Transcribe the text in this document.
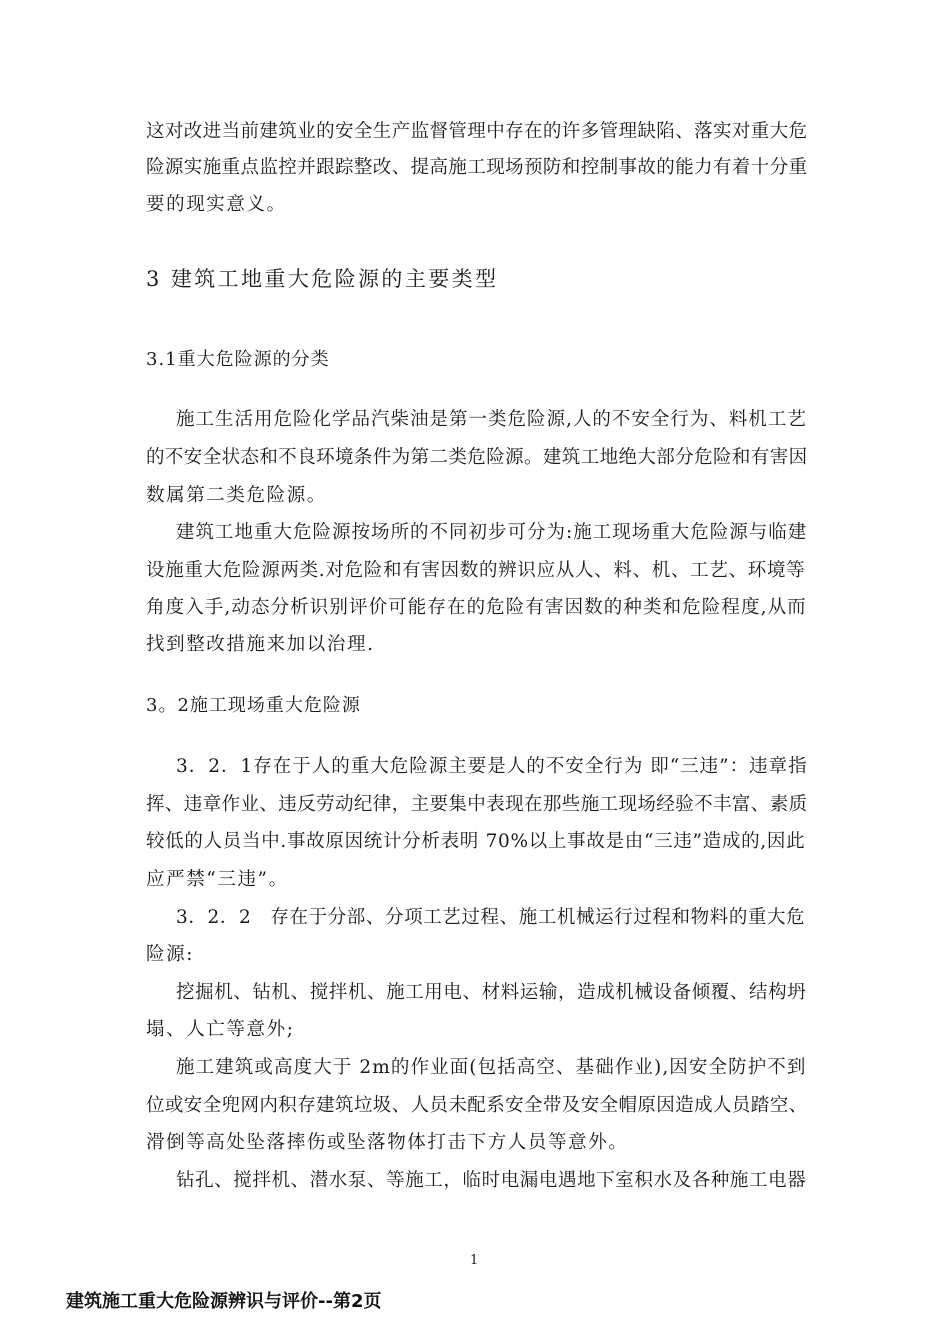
这对改进当前建筑业的安全生产监督管理中存在的许多管理缺陷、落实对重大危
险源实施重点监控并跟踪整改、提高施工现场预防和控制事故的能力有着十分重
要的现实意义。
3 建筑工地重大危险源的主要类型
3.1重大危险源的分类
施工生活用危险化学品汽柴油是第一类危险源,人的不安全行为、料机工艺
的不安全状态和不良环境条件为第二类危险源。建筑工地绝大部分危险和有害因
数属第二类危险源。
建筑工地重大危险源按场所的不同初步可分为:施工现场重大危险源与临建
设施重大危险源两类.对危险和有害因数的辨识应从人、料、机、工艺、环境等
角度入手,动态分析识别评价可能存在的危险有害因数的种类和危险程度,从而
找到整改措施来加以治理.
3。2施工现场重大危险源
3．2．1存在于人的重大危险源主要是人的不安全行为 即“三违”：违章指
挥、违章作业、违反劳动纪律，主要集中表现在那些施工现场经验不丰富、素质
较低的人员当中.事故原因统计分析表明 70%以上事故是由“三违”造成的,因此
应严禁“三违”。
3．2．2　存在于分部、分项工艺过程、施工机械运行过程和物料的重大危
险源:
挖掘机、钻机、搅拌机、施工用电、材料运输，造成机械设备倾覆、结构坍
塌、人亡等意外;
施工建筑或高度大于 2m的作业面(包括高空、基础作业),因安全防护不到
位或安全兜网内积存建筑垃圾、人员未配系安全带及安全帽原因造成人员踏空、
滑倒等高处坠落摔伤或坠落物体打击下方人员等意外。
钻孔、搅拌机、潜水泵、等施工，临时电漏电遇地下室积水及各种施工电器
1
建筑施工重大危险源辨识与评价--第2页
